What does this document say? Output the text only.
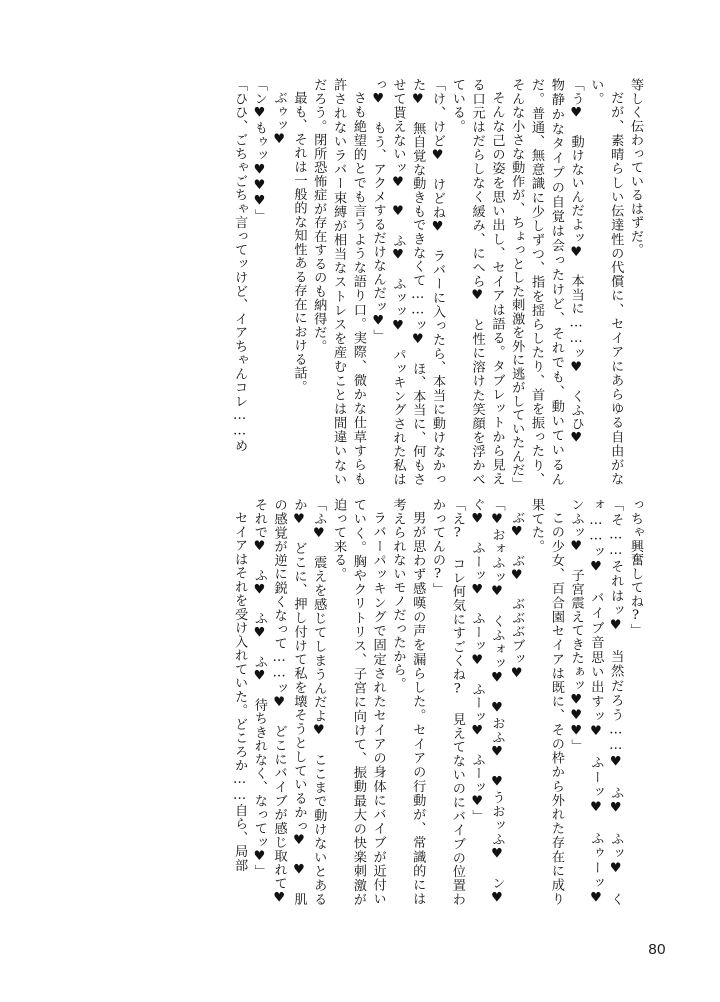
等しく伝わっているはずだ。

だが、素晴らしい伝達性の代償に、セイアにあらゆる自由がない。

「う♥　動けないんだよッ♥　本当に……ッ♥　くふひ♥

物静かなタイプの自覚は会ったけど、それでも、動いているんだ。普通、無意識に少しずつ、指を揺らしたり、首を振ったり、そんな小さな動作が、ちょっとした刺激を外に逃がしていたんだ」

そんな己の姿を思い出し、セイアは語る。タブレットから見える口元はだらしなく緩み、にへら♥　と性に溶けた笑顔を浮かべている。

「け、けど♥　けどね♥　ラバーに入ったら、本当に動けなかった♥　無自覚な動きもできなくて……ッ♥　ほ、本当に、何もさせて貰えないッ♥　♥　ふ♥　ふッッ♥　パッキングされた私はっ♥　もう、アクメするだけなんだッ♥」

さも絶望的とでも言うような語り口。実際、微かな仕草すらも許されないラバー束縛が相当なストレスを産むことは間違いないだろう。閉所恐怖症が存在するのも納得だ。

最も、それは一般的な知性ある存在における話。

ぶゥッ♥

「ン♥もゥッ♥♥♥」

「ひひ、ごちゃごちゃ言ってッけど、イアちゃんコレ……め

っちゃ興奮してね?」

「そ……それはッ♥　当然だろう……♥　ふ♥　ふッ♥　くォ……ッ♥　バイブ音思い出すッ♥　ふーッ♥　ふゥーッ♥　ンふッ♥　子宮震えてきたぁッ♥♥♥」

この少女、百合園セイアは既に、その枠から外れた存在に成り果てた。

ぶ♥　ぶ♥　ぶぶぶブッ♥

「♥おォふッ♥　くふォッ♥　♥おふ♥　♥うおッふ♥　ン♥　ぐ♥　ふーッ♥　ふーッ♥　ふーッ♥　ふーッ♥」

「え? コレ何気にすごくね? 見えてないのにバイブの位置わかってんの?」

男が思わず感嘆の声を漏らした。セイアの行動が、常識的には考えられないモノだったから。

ラバーパッキングで固定されたセイアの身体にバイブが近付いていく。胸やクリトリス、子宮に向けて、振動最大の快楽刺激が迫って来る。

「ふ♥　震えを感じてしまうんだよ♥　ここまで動けないとあるか♥　どこに、押し付けて私を壊そうとしているかっ♥　♥　肌の感覚が逆に鋭くなって……ッ♥　どこにバイブが感じ取れて♥　それで♥　ふ♥　ふ♥　ふ♥　待ちきれなく、なってッ♥」

セイアはそれを受け入れていた。どころか……自ら、局部

80
